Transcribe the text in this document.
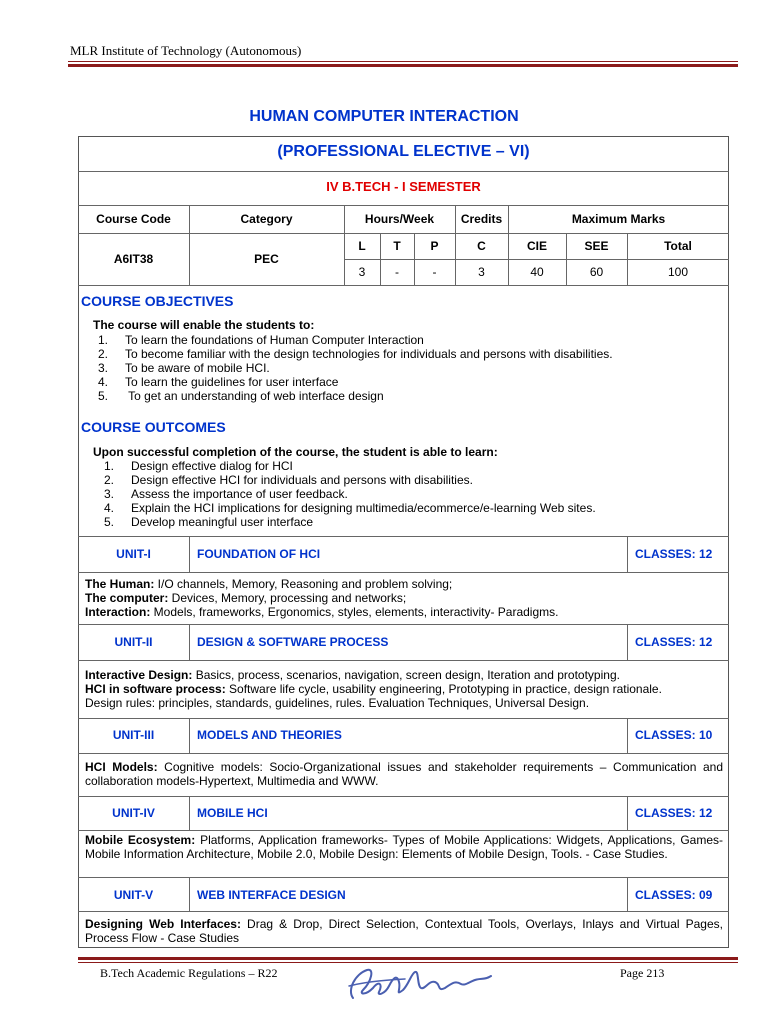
MLR Institute of Technology (Autonomous)
HUMAN COMPUTER INTERACTION
(PROFESSIONAL ELECTIVE – VI)
IV B.TECH - I SEMESTER
Course Code	Category	Hours/Week	Credits	Maximum Marks
L	T	P	C	CIE	SEE	Total
A6IT38	PEC
3	-	-	3	40	60	100
COURSE OBJECTIVES
The course will enable the students to:
1.	To learn the foundations of Human Computer Interaction
2.	To become familiar with the design technologies for individuals and persons with disabilities.
3.	To be aware of mobile HCI.
4.	To learn the guidelines for user interface
5.	To get an understanding of web interface design
COURSE OUTCOMES
Upon successful completion of the course, the student is able to learn:
1.	Design effective dialog for HCI
2.	Design effective HCI for individuals and persons with disabilities.
3.	Assess the importance of user feedback.
4.	Explain the HCI implications for designing multimedia/ecommerce/e-learning Web sites.
5.	Develop meaningful user interface
UNIT-I	FOUNDATION OF HCI	CLASSES: 12
The Human: I/O channels, Memory, Reasoning and problem solving;
The computer: Devices, Memory, processing and networks;
Interaction: Models, frameworks, Ergonomics, styles, elements, interactivity- Paradigms.
UNIT-II	DESIGN & SOFTWARE PROCESS	CLASSES: 12
Interactive Design: Basics, process, scenarios, navigation, screen design, Iteration and prototyping.
HCI in software process: Software life cycle, usability engineering, Prototyping in practice, design rationale.
Design rules: principles, standards, guidelines, rules. Evaluation Techniques, Universal Design.
UNIT-III	MODELS AND THEORIES	CLASSES: 10
HCI Models: Cognitive models: Socio-Organizational issues and stakeholder requirements – Communication and collaboration models-Hypertext, Multimedia and WWW.
UNIT-IV	MOBILE HCI	CLASSES: 12
Mobile Ecosystem: Platforms, Application frameworks- Types of Mobile Applications: Widgets, Applications, Games- Mobile Information Architecture, Mobile 2.0, Mobile Design: Elements of Mobile Design, Tools. - Case Studies.
UNIT-V	WEB INTERFACE DESIGN	CLASSES: 09
Designing Web Interfaces: Drag & Drop, Direct Selection, Contextual Tools, Overlays, Inlays and Virtual Pages, Process Flow - Case Studies
B.Tech Academic Regulations – R22	Page 213
